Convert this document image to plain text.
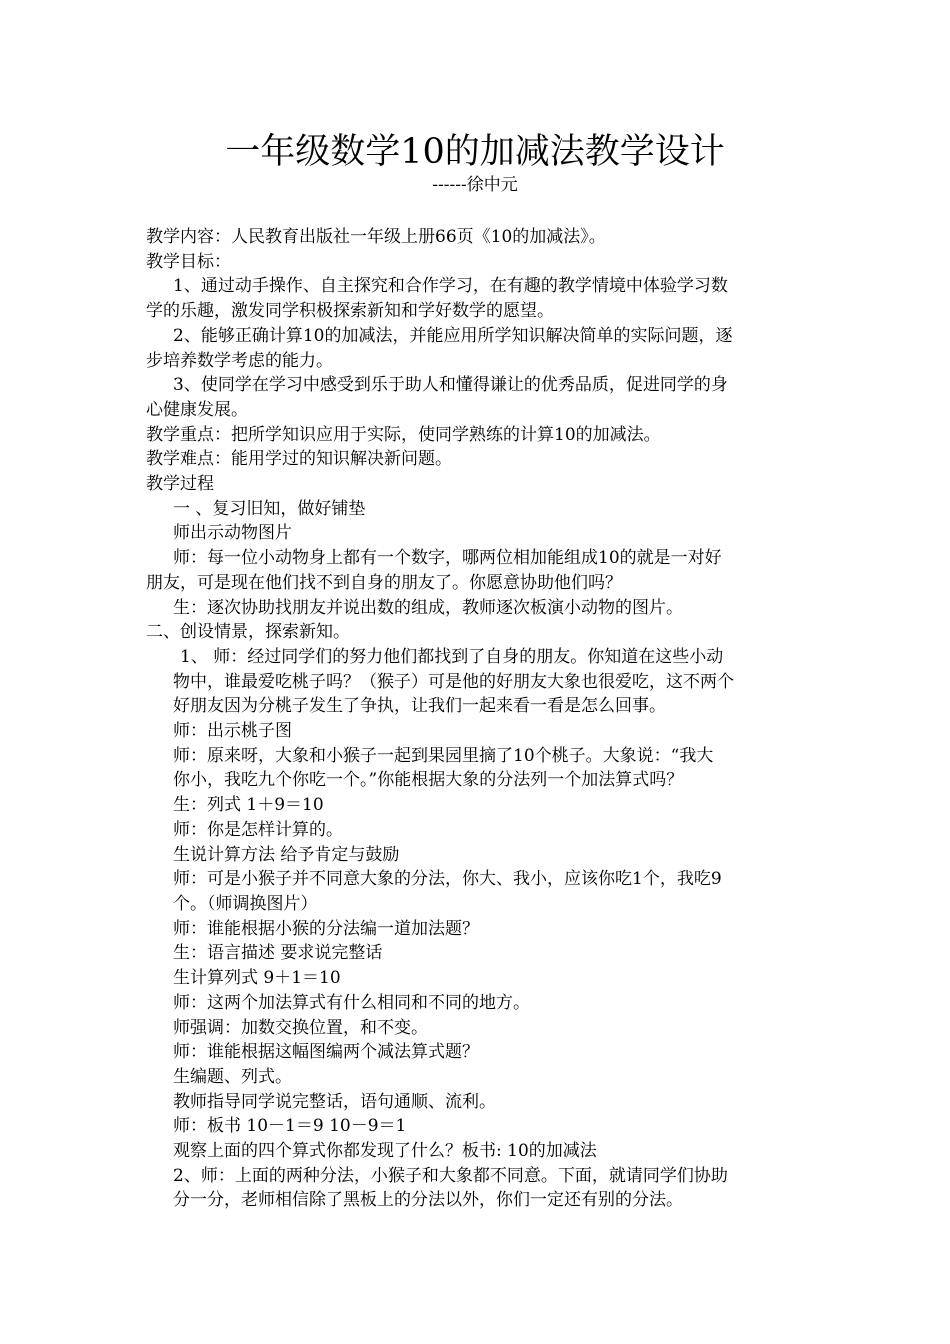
一年级数学10的加减法教学设计
------徐中元

教学内容：人民教育出版社一年级上册66页《10的加减法》。

教学目标：

1、通过动手操作、自主探究和合作学习，在有趣的教学情境中体验学习数

学的乐趣，激发同学积极探索新知和学好数学的愿望。

2、能够正确计算10的加减法，并能应用所学知识解决简单的实际问题，逐

步培养数学考虑的能力。

3、使同学在学习中感受到乐于助人和懂得谦让的优秀品质，促进同学的身

心健康发展。

教学重点：把所学知识应用于实际，使同学熟练的计算10的加减法。

教学难点：能用学过的知识解决新问题。

教学过程

一 、复习旧知，做好铺垫

师出示动物图片

师：每一位小动物身上都有一个数字，哪两位相加能组成10的就是一对好

朋友，可是现在他们找不到自身的朋友了。你愿意协助他们吗？

生：逐次协助找朋友并说出数的组成，教师逐次板演小动物的图片。

二、创设情景，探索新知。

1、 师：经过同学们的努力他们都找到了自身的朋友。你知道在这些小动

物中，谁最爱吃桃子吗？（猴子）可是他的好朋友大象也很爱吃，这不两个

好朋友因为分桃子发生了争执，让我们一起来看一看是怎么回事。

师：出示桃子图

师：原来呀，大象和小猴子一起到果园里摘了10个桃子。大象说：“我大

你小，我吃九个你吃一个。”你能根据大象的分法列一个加法算式吗？

生：列式 1＋9＝10

师：你是怎样计算的。

生说计算方法 给予肯定与鼓励

师：可是小猴子并不同意大象的分法，你大、我小，应该你吃1个，我吃9

个。（师调换图片）

师：谁能根据小猴的分法编一道加法题？

生：语言描述 要求说完整话

生计算列式 9＋1＝10

师：这两个加法算式有什么相同和不同的地方。

师强调：加数交换位置，和不变。

师：谁能根据这幅图编两个减法算式题？

生编题、列式。

教师指导同学说完整话，语句通顺、流利。

师：板书 10－1＝9 10－9＝1

观察上面的四个算式你都发现了什么？板书: 10的加减法

2、师：上面的两种分法，小猴子和大象都不同意。下面，就请同学们协助

分一分，老师相信除了黑板上的分法以外，你们一定还有别的分法。
